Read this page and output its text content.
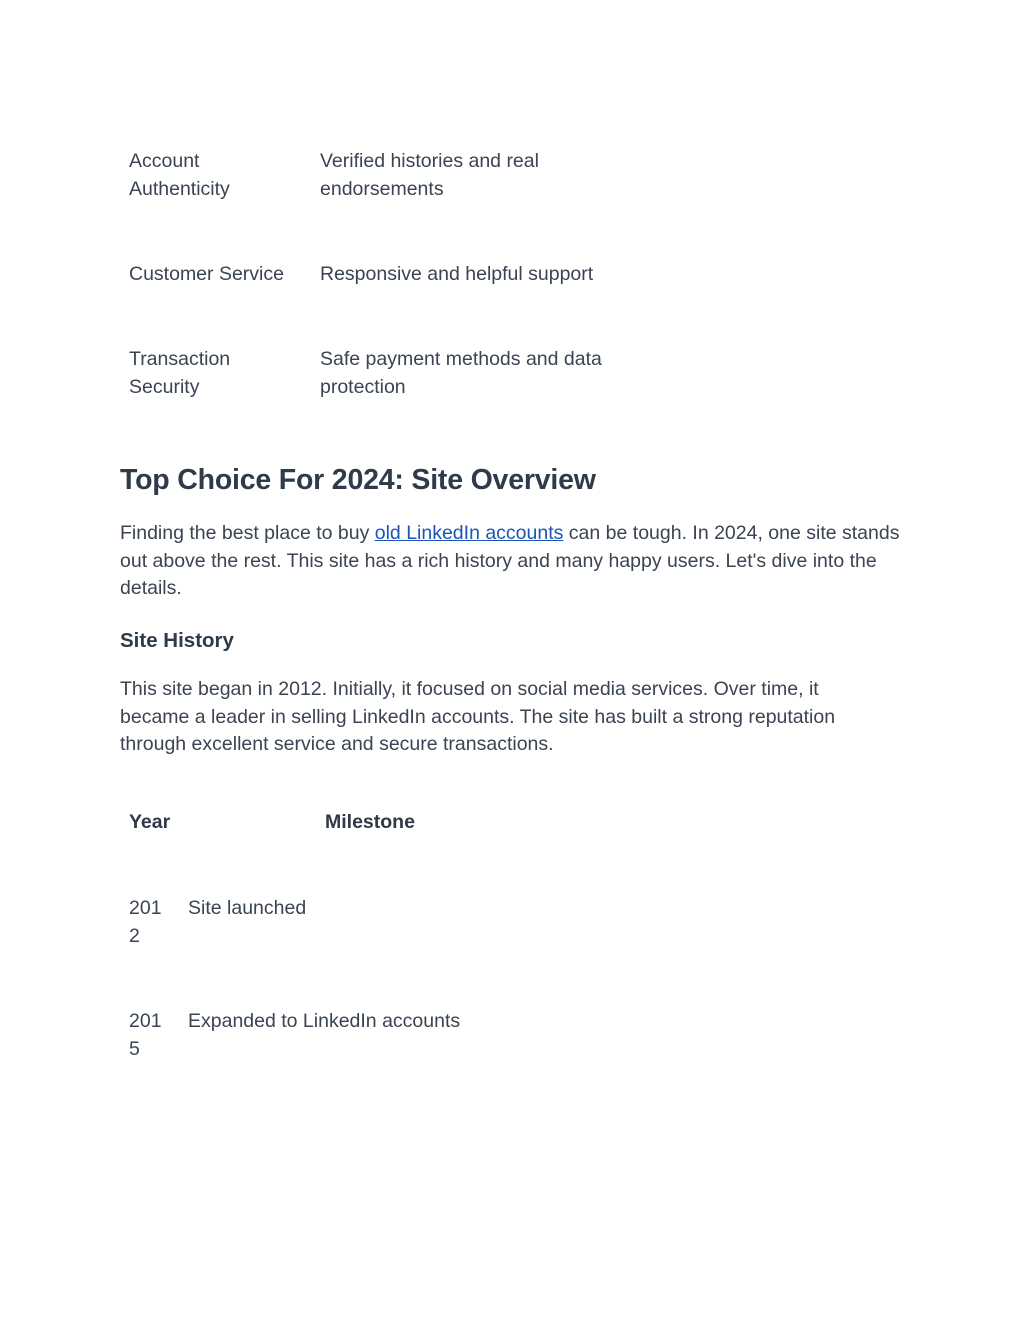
Account Authenticity
Verified histories and real endorsements
Customer Service	Responsive and helpful support
Transaction Security
Safe payment methods and data protection
Top Choice For 2024: Site Overview
Finding the best place to buy old LinkedIn accounts can be tough. In 2024, one site stands out above the rest. This site has a rich history and many happy users. Let's dive into the details.
Site History
This site began in 2012. Initially, it focused on social media services. Over time, it became a leader in selling LinkedIn accounts. The site has built a strong reputation through excellent service and secure transactions.
Year	Milestone
2012
Site launched
2015
Expanded to LinkedIn accounts
